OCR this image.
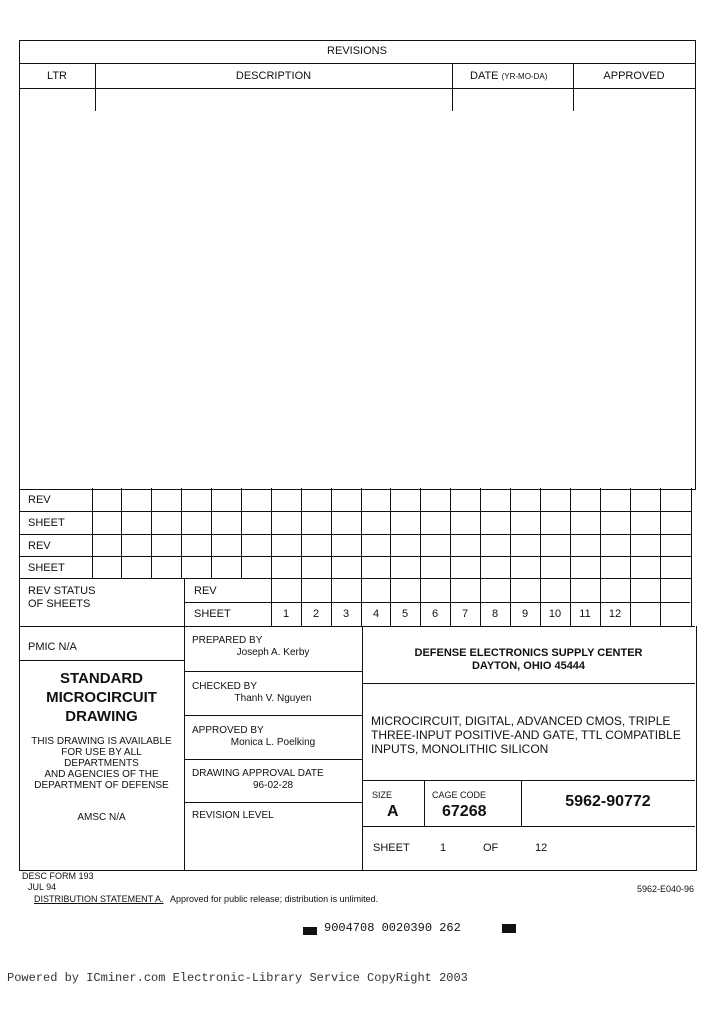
REVISIONS
LTR	DESCRIPTION	DATE (YR-MO-DA)	APPROVED
REV
SHEET
REV
SHEET
REV STATUS
OF SHEETS
REV
SHEET	1	2	3	4	5	6	7	8	9	10	11	12
PMIC N/A
STANDARD
MICROCIRCUIT
DRAWING
THIS DRAWING IS AVAILABLE
FOR USE BY ALL
DEPARTMENTS
AND AGENCIES OF THE
DEPARTMENT OF DEFENSE
AMSC N/A
PREPARED BY
Joseph A. Kerby
CHECKED BY
Thanh V. Nguyen
APPROVED BY
Monica L. Poelking
DRAWING APPROVAL DATE
96-02-28
REVISION LEVEL
DEFENSE ELECTRONICS SUPPLY CENTER
DAYTON, OHIO 45444
MICROCIRCUIT, DIGITAL, ADVANCED CMOS, TRIPLE
THREE-INPUT POSITIVE-AND GATE, TTL COMPATIBLE
INPUTS, MONOLITHIC SILICON
SIZE
A
CAGE CODE
67268
5962-90772
SHEET	1	OF	12
DESC FORM 193
JUL 94
DISTRIBUTION STATEMENT A. Approved for public release; distribution is unlimited.
5962-E040-96
9004708 0020390 262
Powered by ICminer.com Electronic-Library Service CopyRight 2003
